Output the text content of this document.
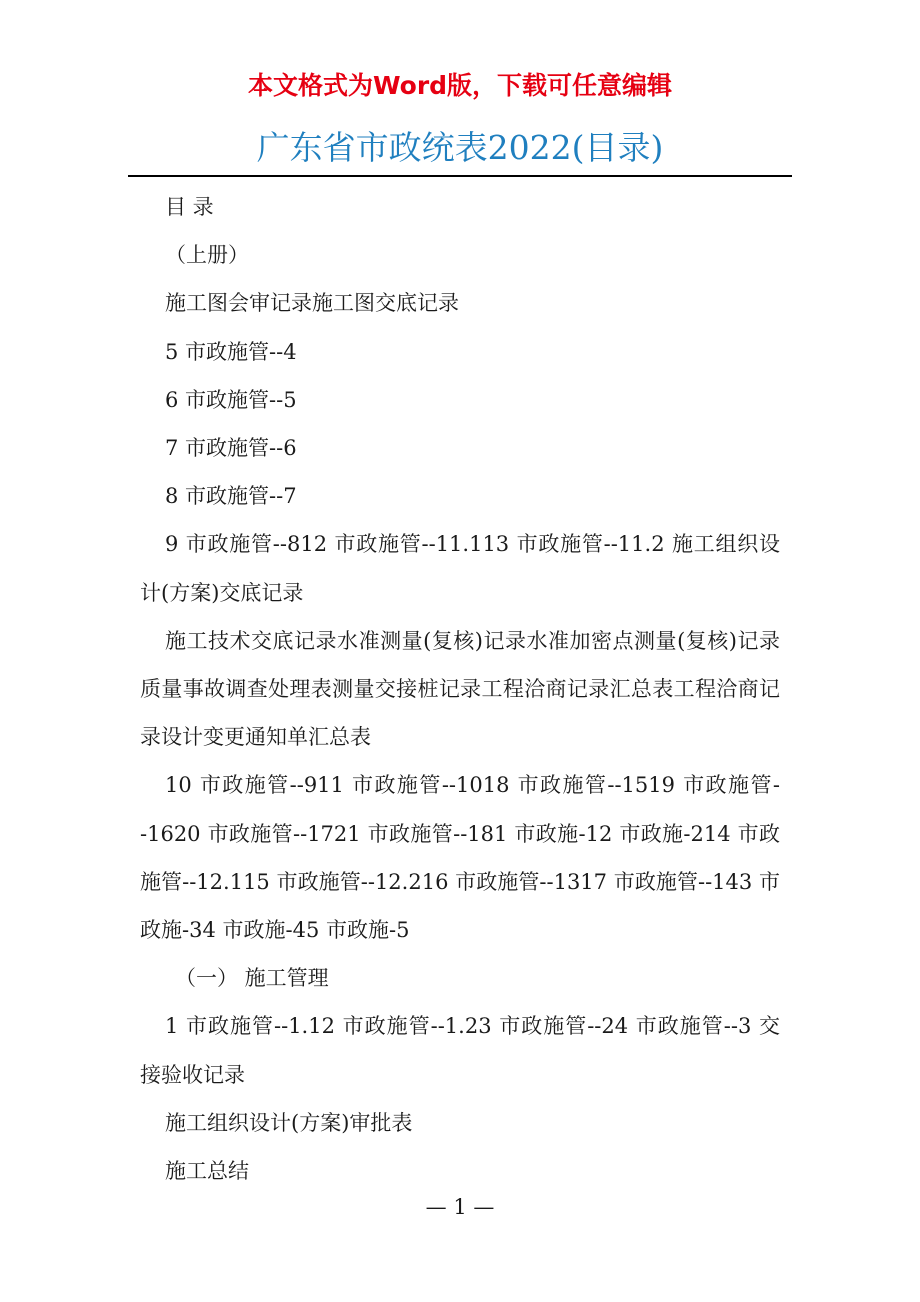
本文格式为Word版，下载可任意编辑
广东省市政统表2022(目录)

目 录

（上册）

施工图会审记录施工图交底记录

5 市政施管--4

6 市政施管--5

7 市政施管--6

8 市政施管--7

9 市政施管--812 市政施管--11.113 市政施管--11.2 施工组织设计(方案)交底记录

施工技术交底记录水准测量(复核)记录水准加密点测量(复核)记录质量事故调查处理表测量交接桩记录工程洽商记录汇总表工程洽商记录设计变更通知单汇总表

10 市政施管--911 市政施管--1018 市政施管--1519 市政施管--1620 市政施管--1721 市政施管--181 市政施-12 市政施-214 市政施管--12.115 市政施管--12.216 市政施管--1317 市政施管--143 市政施-34 市政施-45 市政施-5

（一） 施工管理

1 市政施管--1.12 市政施管--1.23 市政施管--24 市政施管--3 交接验收记录

施工组织设计(方案)审批表

施工总结

— 1 —
